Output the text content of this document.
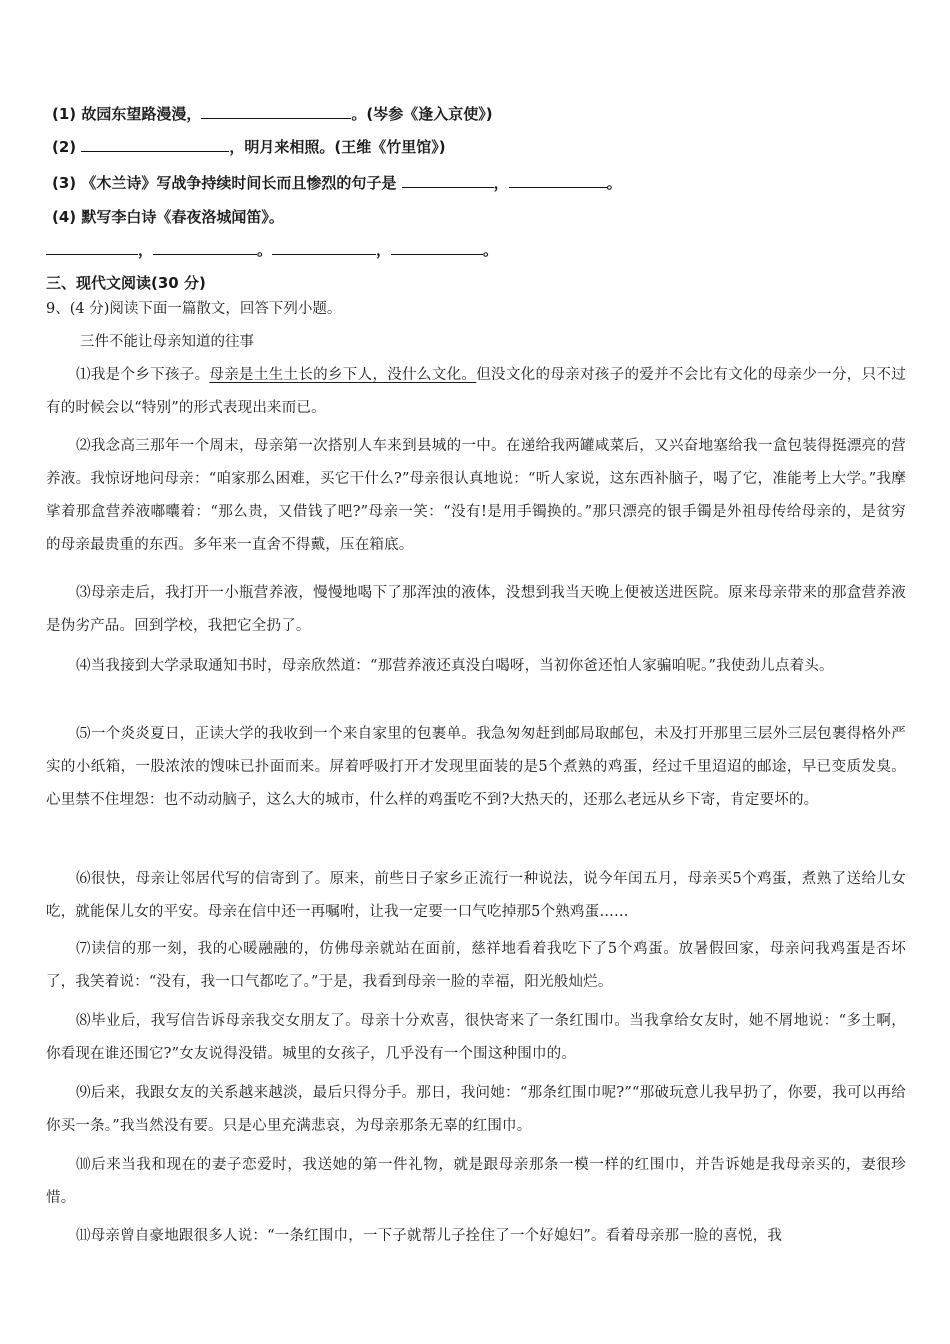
(1) 故园东望路漫漫，	。(岑参《逢入京使》)
(2)	，明月来相照。(王维《竹里馆》)
(3) 《木兰诗》写战争持续时间长而且惨烈的句子是	，	。
(4) 默写李白诗《春夜洛城闻笛》。
，	。	，	。
三、现代文阅读(30 分)
9、(4 分)阅读下面一篇散文，回答下列小题。
三件不能让母亲知道的往事
⑴我是个乡下孩子。母亲是土生土长的乡下人，没什么文化。但没文化的母亲对孩子的爱并不会比有文化的母亲少一分，只不过有的时候会以“特别”的形式表现出来而已。
⑵我念高三那年一个周末，母亲第一次搭别人车来到县城的一中。在递给我两罐咸菜后，又兴奋地塞给我一盒包装得挺漂亮的营养液。我惊讶地问母亲：“咱家那么困难，买它干什么?”母亲很认真地说：“听人家说，这东西补脑子，喝了它，准能考上大学。”我摩挲着那盒营养液嘟囔着：“那么贵，又借钱了吧?”母亲一笑：“没有!是用手镯换的。”那只漂亮的银手镯是外祖母传给母亲的，是贫穷的母亲最贵重的东西。多年来一直舍不得戴，压在箱底。
⑶母亲走后，我打开一小瓶营养液，慢慢地喝下了那浑浊的液体，没想到我当天晚上便被送进医院。原来母亲带来的那盒营养液是伪劣产品。回到学校，我把它全扔了。
⑷当我接到大学录取通知书时，母亲欣然道：“那营养液还真没白喝呀，当初你爸还怕人家骗咱呢。”我使劲儿点着头。
⑸一个炎炎夏日，正读大学的我收到一个来自家里的包裹单。我急匆匆赶到邮局取邮包，未及打开那里三层外三层包裹得格外严实的小纸箱，一股浓浓的馊味已扑面而来。屏着呼吸打开才发现里面装的是5个煮熟的鸡蛋，经过千里迢迢的邮途，早已变质发臭。心里禁不住埋怨：也不动动脑子，这么大的城市，什么样的鸡蛋吃不到?大热天的，还那么老远从乡下寄，肯定要坏的。
⑹很快，母亲让邻居代写的信寄到了。原来，前些日子家乡正流行一种说法，说今年闰五月，母亲买5个鸡蛋，煮熟了送给儿女吃，就能保儿女的平安。母亲在信中还一再嘱咐，让我一定要一口气吃掉那5个熟鸡蛋……
⑺读信的那一刻，我的心暖融融的，仿佛母亲就站在面前，慈祥地看着我吃下了5个鸡蛋。放暑假回家，母亲问我鸡蛋是否坏了，我笑着说：“没有，我一口气都吃了。”于是，我看到母亲一脸的幸福，阳光般灿烂。
⑻毕业后，我写信告诉母亲我交女朋友了。母亲十分欢喜，很快寄来了一条红围巾。当我拿给女友时，她不屑地说：“多土啊，你看现在谁还围它?”女友说得没错。城里的女孩子，几乎没有一个围这种围巾的。
⑼后来，我跟女友的关系越来越淡，最后只得分手。那日，我问她：“那条红围巾呢?”“那破玩意儿我早扔了，你要，我可以再给你买一条。”我当然没有要。只是心里充满悲哀，为母亲那条无辜的红围巾。
⑽后来当我和现在的妻子恋爱时，我送她的第一件礼物，就是跟母亲那条一模一样的红围巾，并告诉她是我母亲买的，妻很珍惜。
⑾母亲曾自豪地跟很多人说：“一条红围巾，一下子就帮儿子拴住了一个好媳妇”。看着母亲那一脸的喜悦，我
